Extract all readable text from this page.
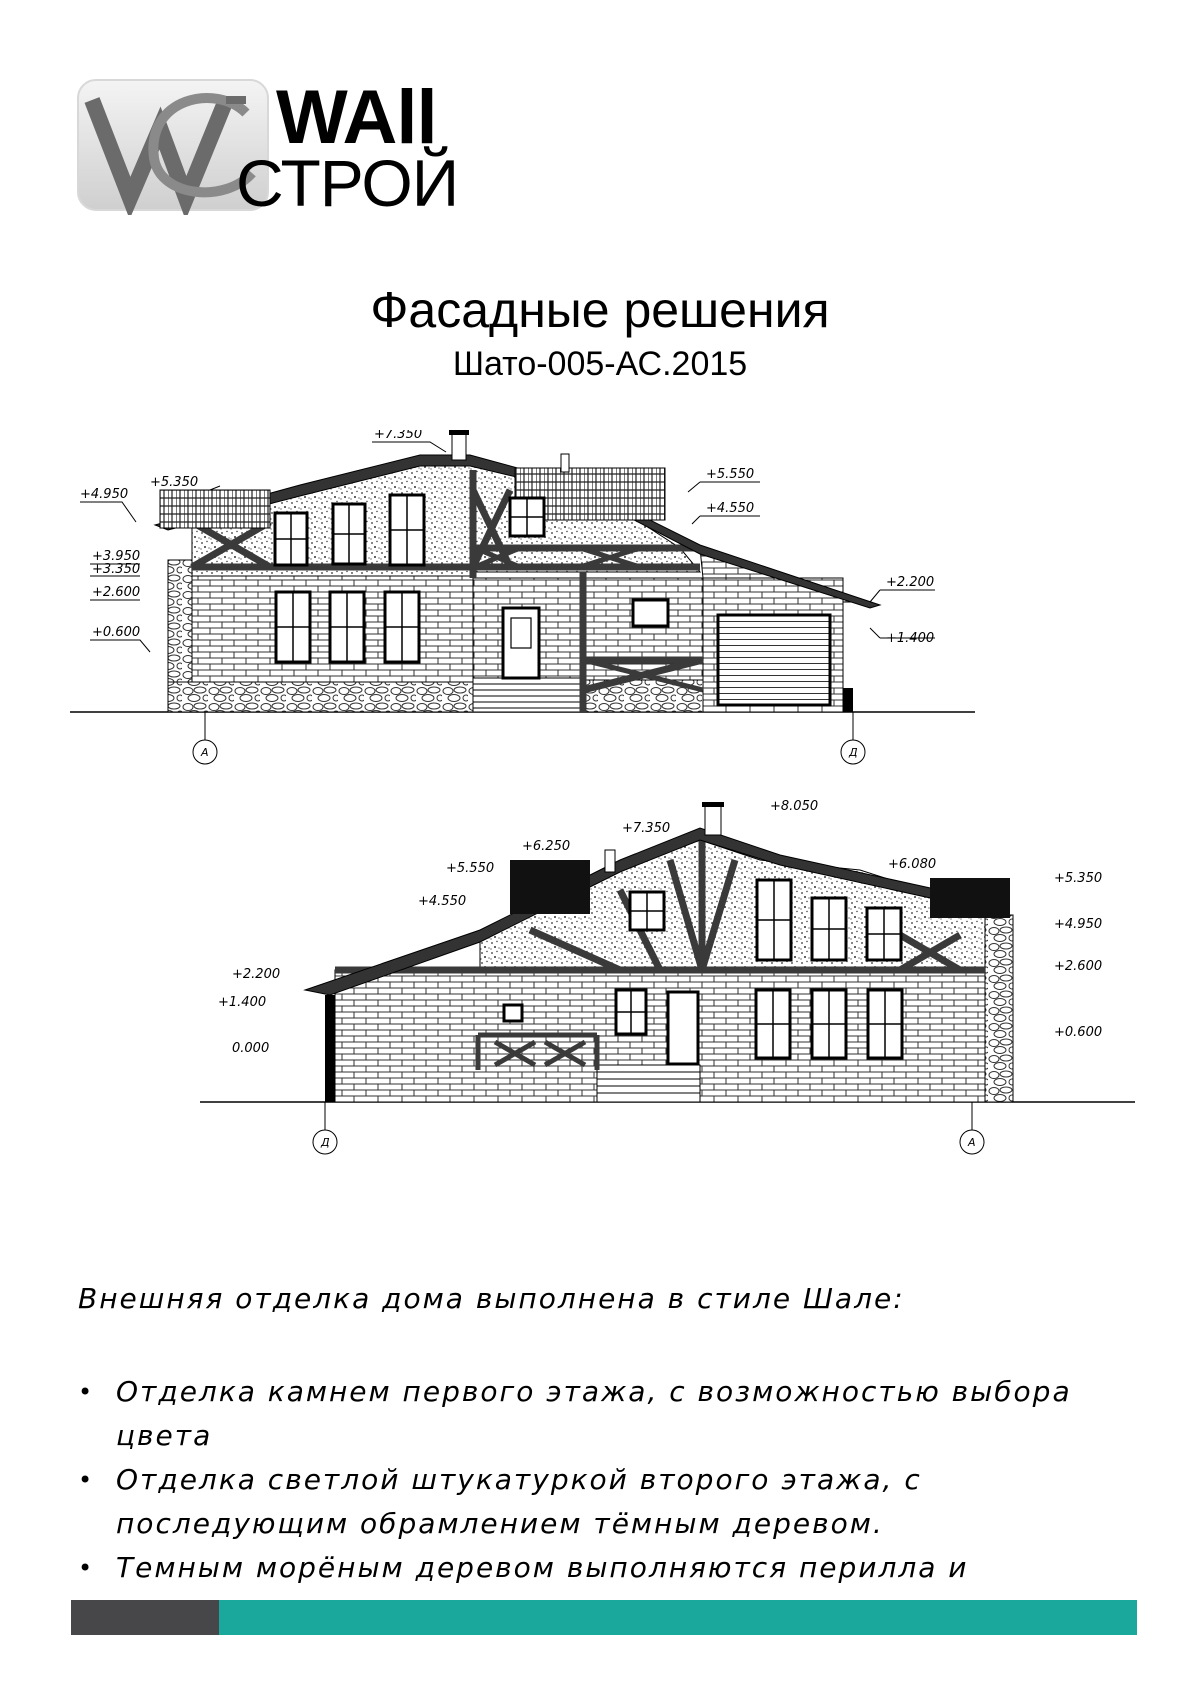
WAll
СТРОЙ
Фасадные решения
Шато-005-АС.2015
+7.350
+5.350
+4.950
+3.950
+3.350
+2.600
+0.600
+5.550
+4.550
+2.200
+1.400
А	Д
+8.050
+7.350
+6.250
+5.550
+4.550
+2.200
+1.400
0.000
+6.080
+5.350
+4.950
+2.600
+0.600
Д	А
Внешняя отделка дома выполнена в стиле Шале:
• Отделка камнем первого этажа, с возможностью выбора цвета
• Отделка светлой штукатуркой второго этажа, с последующим обрамлением тёмным деревом.
• Темным морёным деревом выполняются перилла и
